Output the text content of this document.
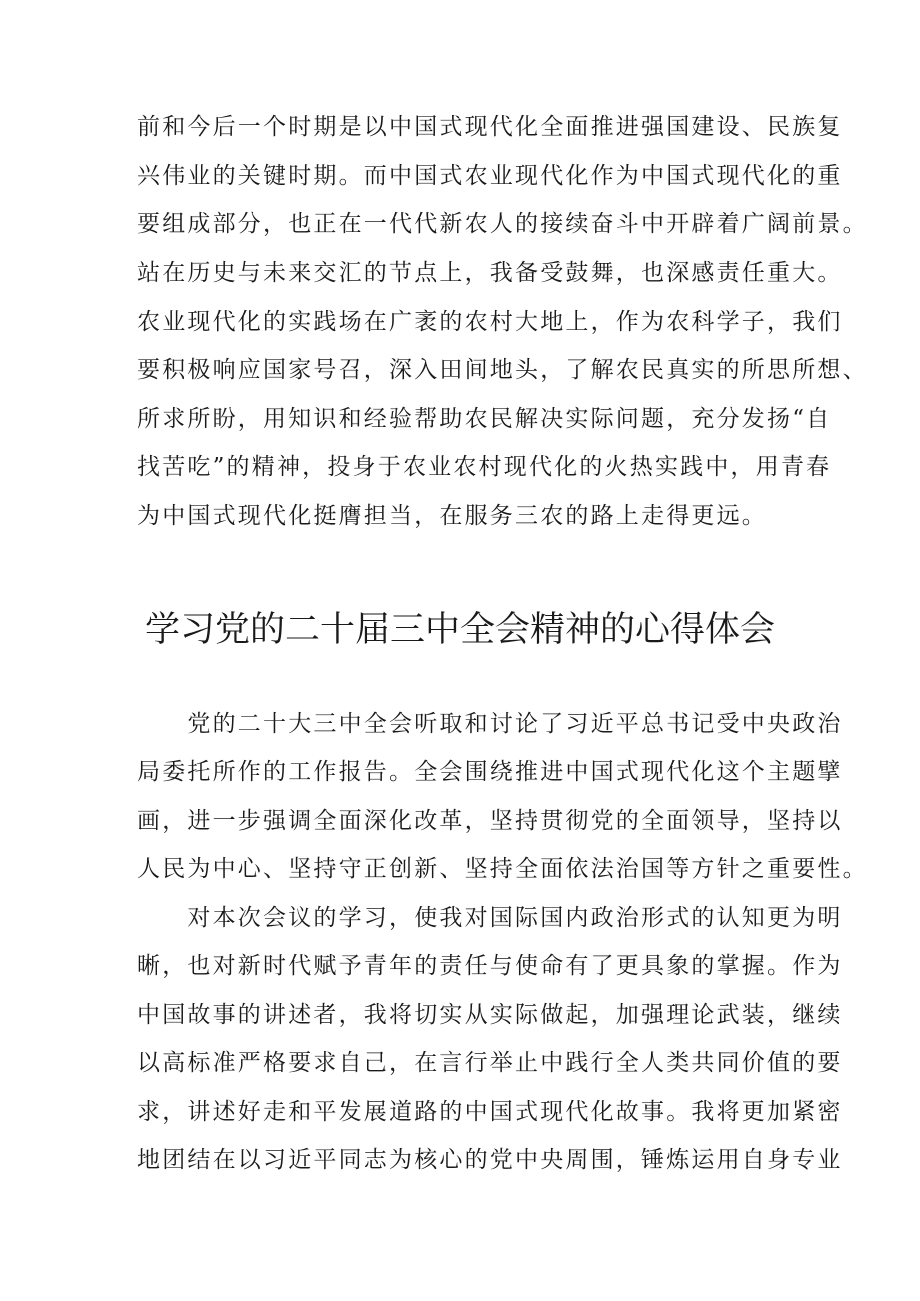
前和今后一个时期是以中国式现代化全面推进强国建设、民族复

兴伟业的关键时期。而中国式农业现代化作为中国式现代化的重

要组成部分，也正在一代代新农人的接续奋斗中开辟着广阔前景。

站在历史与未来交汇的节点上，我备受鼓舞，也深感责任重大。

农业现代化的实践场在广袤的农村大地上，作为农科学子，我们

要积极响应国家号召，深入田间地头，了解农民真实的所思所想、

所求所盼，用知识和经验帮助农民解决实际问题，充分发扬“自

找苦吃”的精神，投身于农业农村现代化的火热实践中，用青春

为中国式现代化挺膺担当，在服务三农的路上走得更远。

学习党的二十届三中全会精神的心得体会

　　党的二十大三中全会听取和讨论了习近平总书记受中央政治

局委托所作的工作报告。全会围绕推进中国式现代化这个主题擘

画，进一步强调全面深化改革，坚持贯彻党的全面领导，坚持以

人民为中心、坚持守正创新、坚持全面依法治国等方针之重要性。

　　对本次会议的学习，使我对国际国内政治形式的认知更为明

晰，也对新时代赋予青年的责任与使命有了更具象的掌握。作为

中国故事的讲述者，我将切实从实际做起，加强理论武装，继续

以高标准严格要求自己，在言行举止中践行全人类共同价值的要

求，讲述好走和平发展道路的中国式现代化故事。我将更加紧密

地团结在以习近平同志为核心的党中央周围，锤炼运用自身专业
